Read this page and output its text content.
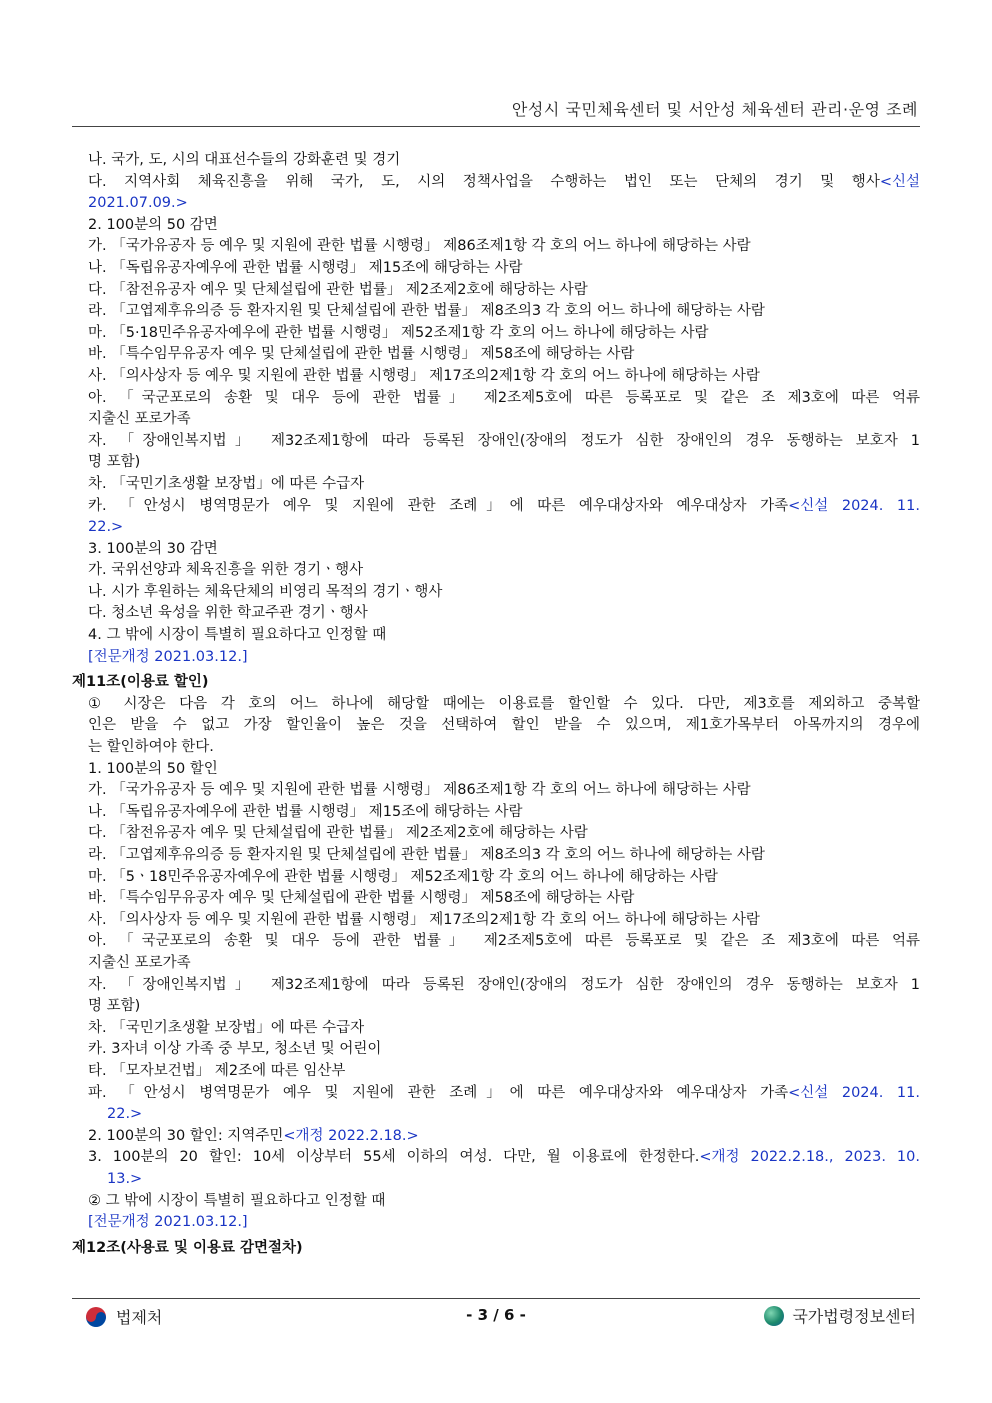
안성시 국민체육센터 및 서안성 체육센터 관리·운영 조례
나. 국가, 도, 시의 대표선수들의 강화훈련 및 경기
다. 지역사회 체육진흥을 위해 국가, 도, 시의 정책사업을 수행하는 법인 또는 단체의 경기 및 행사<신설
2021.07.09.>
2. 100분의 50 감면
가. 「국가유공자 등 예우 및 지원에 관한 법률 시행령」 제86조제1항 각 호의 어느 하나에 해당하는 사람
나. 「독립유공자예우에 관한 법률 시행령」 제15조에 해당하는 사람
다. 「참전유공자 예우 및 단체설립에 관한 법률」 제2조제2호에 해당하는 사람
라. 「고엽제후유의증 등 환자지원 및 단체설립에 관한 법률」 제8조의3 각 호의 어느 하나에 해당하는 사람
마. 「5·18민주유공자예우에 관한 법률 시행령」 제52조제1항 각 호의 어느 하나에 해당하는 사람
바. 「특수임무유공자 예우 및 단체설립에 관한 법률 시행령」 제58조에 해당하는 사람
사. 「의사상자 등 예우 및 지원에 관한 법률 시행령」 제17조의2제1항 각 호의 어느 하나에 해당하는 사람
아. 「국군포로의 송환 및 대우 등에 관한 법률」 제2조제5호에 따른 등록포로 및 같은 조 제3호에 따른 억류
지출신 포로가족
자. 「장애인복지법」 제32조제1항에 따라 등록된 장애인(장애의 정도가 심한 장애인의 경우 동행하는 보호자 1
명 포함)
차. 「국민기초생활 보장법」에 따른 수급자
카. 「안성시 병역명문가 예우 및 지원에 관한 조례」에 따른 예우대상자와 예우대상자 가족<신설 2024. 11.
22.>
3. 100분의 30 감면
가. 국위선양과 체육진흥을 위한 경기ㆍ행사
나. 시가 후원하는 체육단체의 비영리 목적의 경기ㆍ행사
다. 청소년 육성을 위한 학교주관 경기ㆍ행사
4. 그 밖에 시장이 특별히 필요하다고 인정할 때
[전문개정 2021.03.12.]
제11조(이용료 할인)
① 시장은 다음 각 호의 어느 하나에 해당할 때에는 이용료를 할인할 수 있다. 다만, 제3호를 제외하고 중복할
인은 받을 수 없고 가장 할인율이 높은 것을 선택하여 할인 받을 수 있으며, 제1호가목부터 아목까지의 경우에
는 할인하여야 한다.
1. 100분의 50 할인
가. 「국가유공자 등 예우 및 지원에 관한 법률 시행령」 제86조제1항 각 호의 어느 하나에 해당하는 사람
나. 「독립유공자예우에 관한 법률 시행령」 제15조에 해당하는 사람
다. 「참전유공자 예우 및 단체설립에 관한 법률」 제2조제2호에 해당하는 사람
라. 「고엽제후유의증 등 환자지원 및 단체설립에 관한 법률」 제8조의3 각 호의 어느 하나에 해당하는 사람
마. 「5ㆍ18민주유공자예우에 관한 법률 시행령」 제52조제1항 각 호의 어느 하나에 해당하는 사람
바. 「특수임무유공자 예우 및 단체설립에 관한 법률 시행령」 제58조에 해당하는 사람
사. 「의사상자 등 예우 및 지원에 관한 법률 시행령」 제17조의2제1항 각 호의 어느 하나에 해당하는 사람
아. 「국군포로의 송환 및 대우 등에 관한 법률」 제2조제5호에 따른 등록포로 및 같은 조 제3호에 따른 억류
지출신 포로가족
자. 「장애인복지법」 제32조제1항에 따라 등록된 장애인(장애의 정도가 심한 장애인의 경우 동행하는 보호자 1
명 포함)
차. 「국민기초생활 보장법」에 따른 수급자
카. 3자녀 이상 가족 중 부모, 청소년 및 어린이
타. 「모자보건법」 제2조에 따른 임산부
파. 「안성시 병역명문가 예우 및 지원에 관한 조례」에 따른 예우대상자와 예우대상자 가족<신설 2024. 11.
22.>
2. 100분의 30 할인: 지역주민<개정 2022.2.18.>
3. 100분의 20 할인: 10세 이상부터 55세 이하의 여성. 다만, 월 이용료에 한정한다.<개정 2022.2.18., 2023. 10.
13.>
② 그 밖에 시장이 특별히 필요하다고 인정할 때
[전문개정 2021.03.12.]
제12조(사용료 및 이용료 감면절차)
법제처	- 3 / 6 -	국가법령정보센터
